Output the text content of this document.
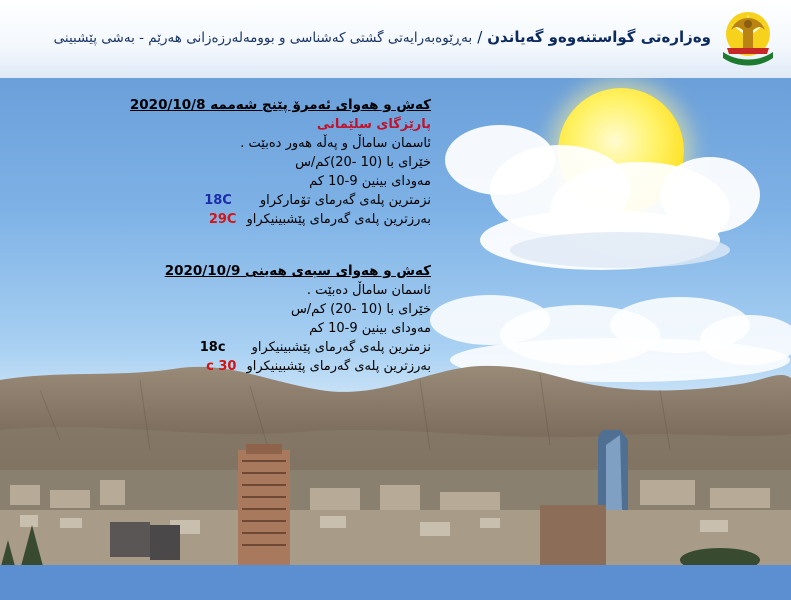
وەزارەتی گواستنەوەو گەیاندن/بەڕێوەبەرایەتی گشتی کەشناسی و بوومەلەرزەزانی هەرێم - بەشی پێشبینی
کەش و هەوای ئەمرۆ پێنج شەممە 2020/10/8
پارێزگای سلێمانی
ئاسمان ساماڵ و پەڵە هەور دەبێت .
خێرای با (10 -20)کم/س
مەودای بینین 9-10 کم
نزمترین پلەی گەرمای تۆمارکراو18C
بەرزترین پلەی گەرمای پێشبینیکراو29C
کەش و هەوای سبەی هەینی 2020/10/9
ئاسمان ساماڵ دەبێت .
خێرای با (10 -20) کم/س
مەودای بینین 9-10 کم
نزمترین پلەی گەرمای پێشبینیکراو18c
بەرزترین پلەی گەرمای پێشبینیکراو30 c
